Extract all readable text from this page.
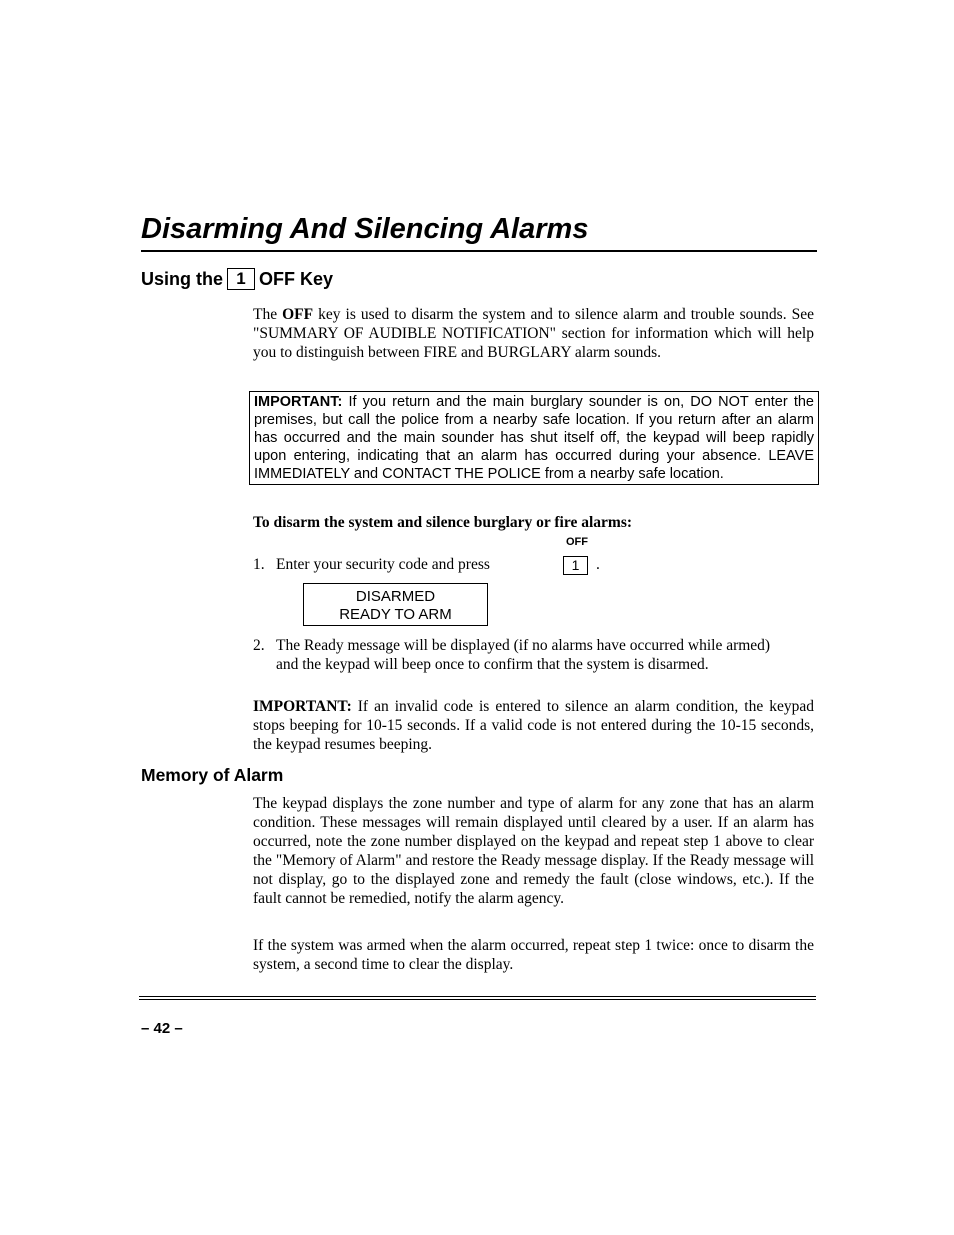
Disarming And Silencing Alarms
Using the 1 OFF Key
The OFF key is used to disarm the system and to silence alarm and trouble sounds. See "SUMMARY OF AUDIBLE NOTIFICATION" section for information which will help you to distinguish between FIRE and BURGLARY alarm sounds.
IMPORTANT: If you return and the main burglary sounder is on, DO NOT enter the premises, but call the police from a nearby safe location. If you return after an alarm has occurred and the main sounder has shut itself off, the keypad will beep rapidly upon entering, indicating that an alarm has occurred during your absence. LEAVE IMMEDIATELY and CONTACT THE POLICE from a nearby safe location.
To disarm the system and silence burglary or fire alarms:
OFF
1. Enter your security code and press	.
1
DISARMED
READY TO ARM
2. The Ready message will be displayed (if no alarms have occurred while armed) and the keypad will beep once to confirm that the system is disarmed.
IMPORTANT: If an invalid code is entered to silence an alarm condition, the keypad stops beeping for 10-15 seconds. If a valid code is not entered during the 10-15 seconds, the keypad resumes beeping.
Memory of Alarm
The keypad displays the zone number and type of alarm for any zone that has an alarm condition. These messages will remain displayed until cleared by a user. If an alarm has occurred, note the zone number displayed on the keypad and repeat step 1 above to clear the "Memory of Alarm" and restore the Ready message display. If the Ready message will not display, go to the displayed zone and remedy the fault (close windows, etc.). If the fault cannot be remedied, notify the alarm agency.
If the system was armed when the alarm occurred, repeat step 1 twice: once to disarm the system, a second time to clear the display.
– 42 –
